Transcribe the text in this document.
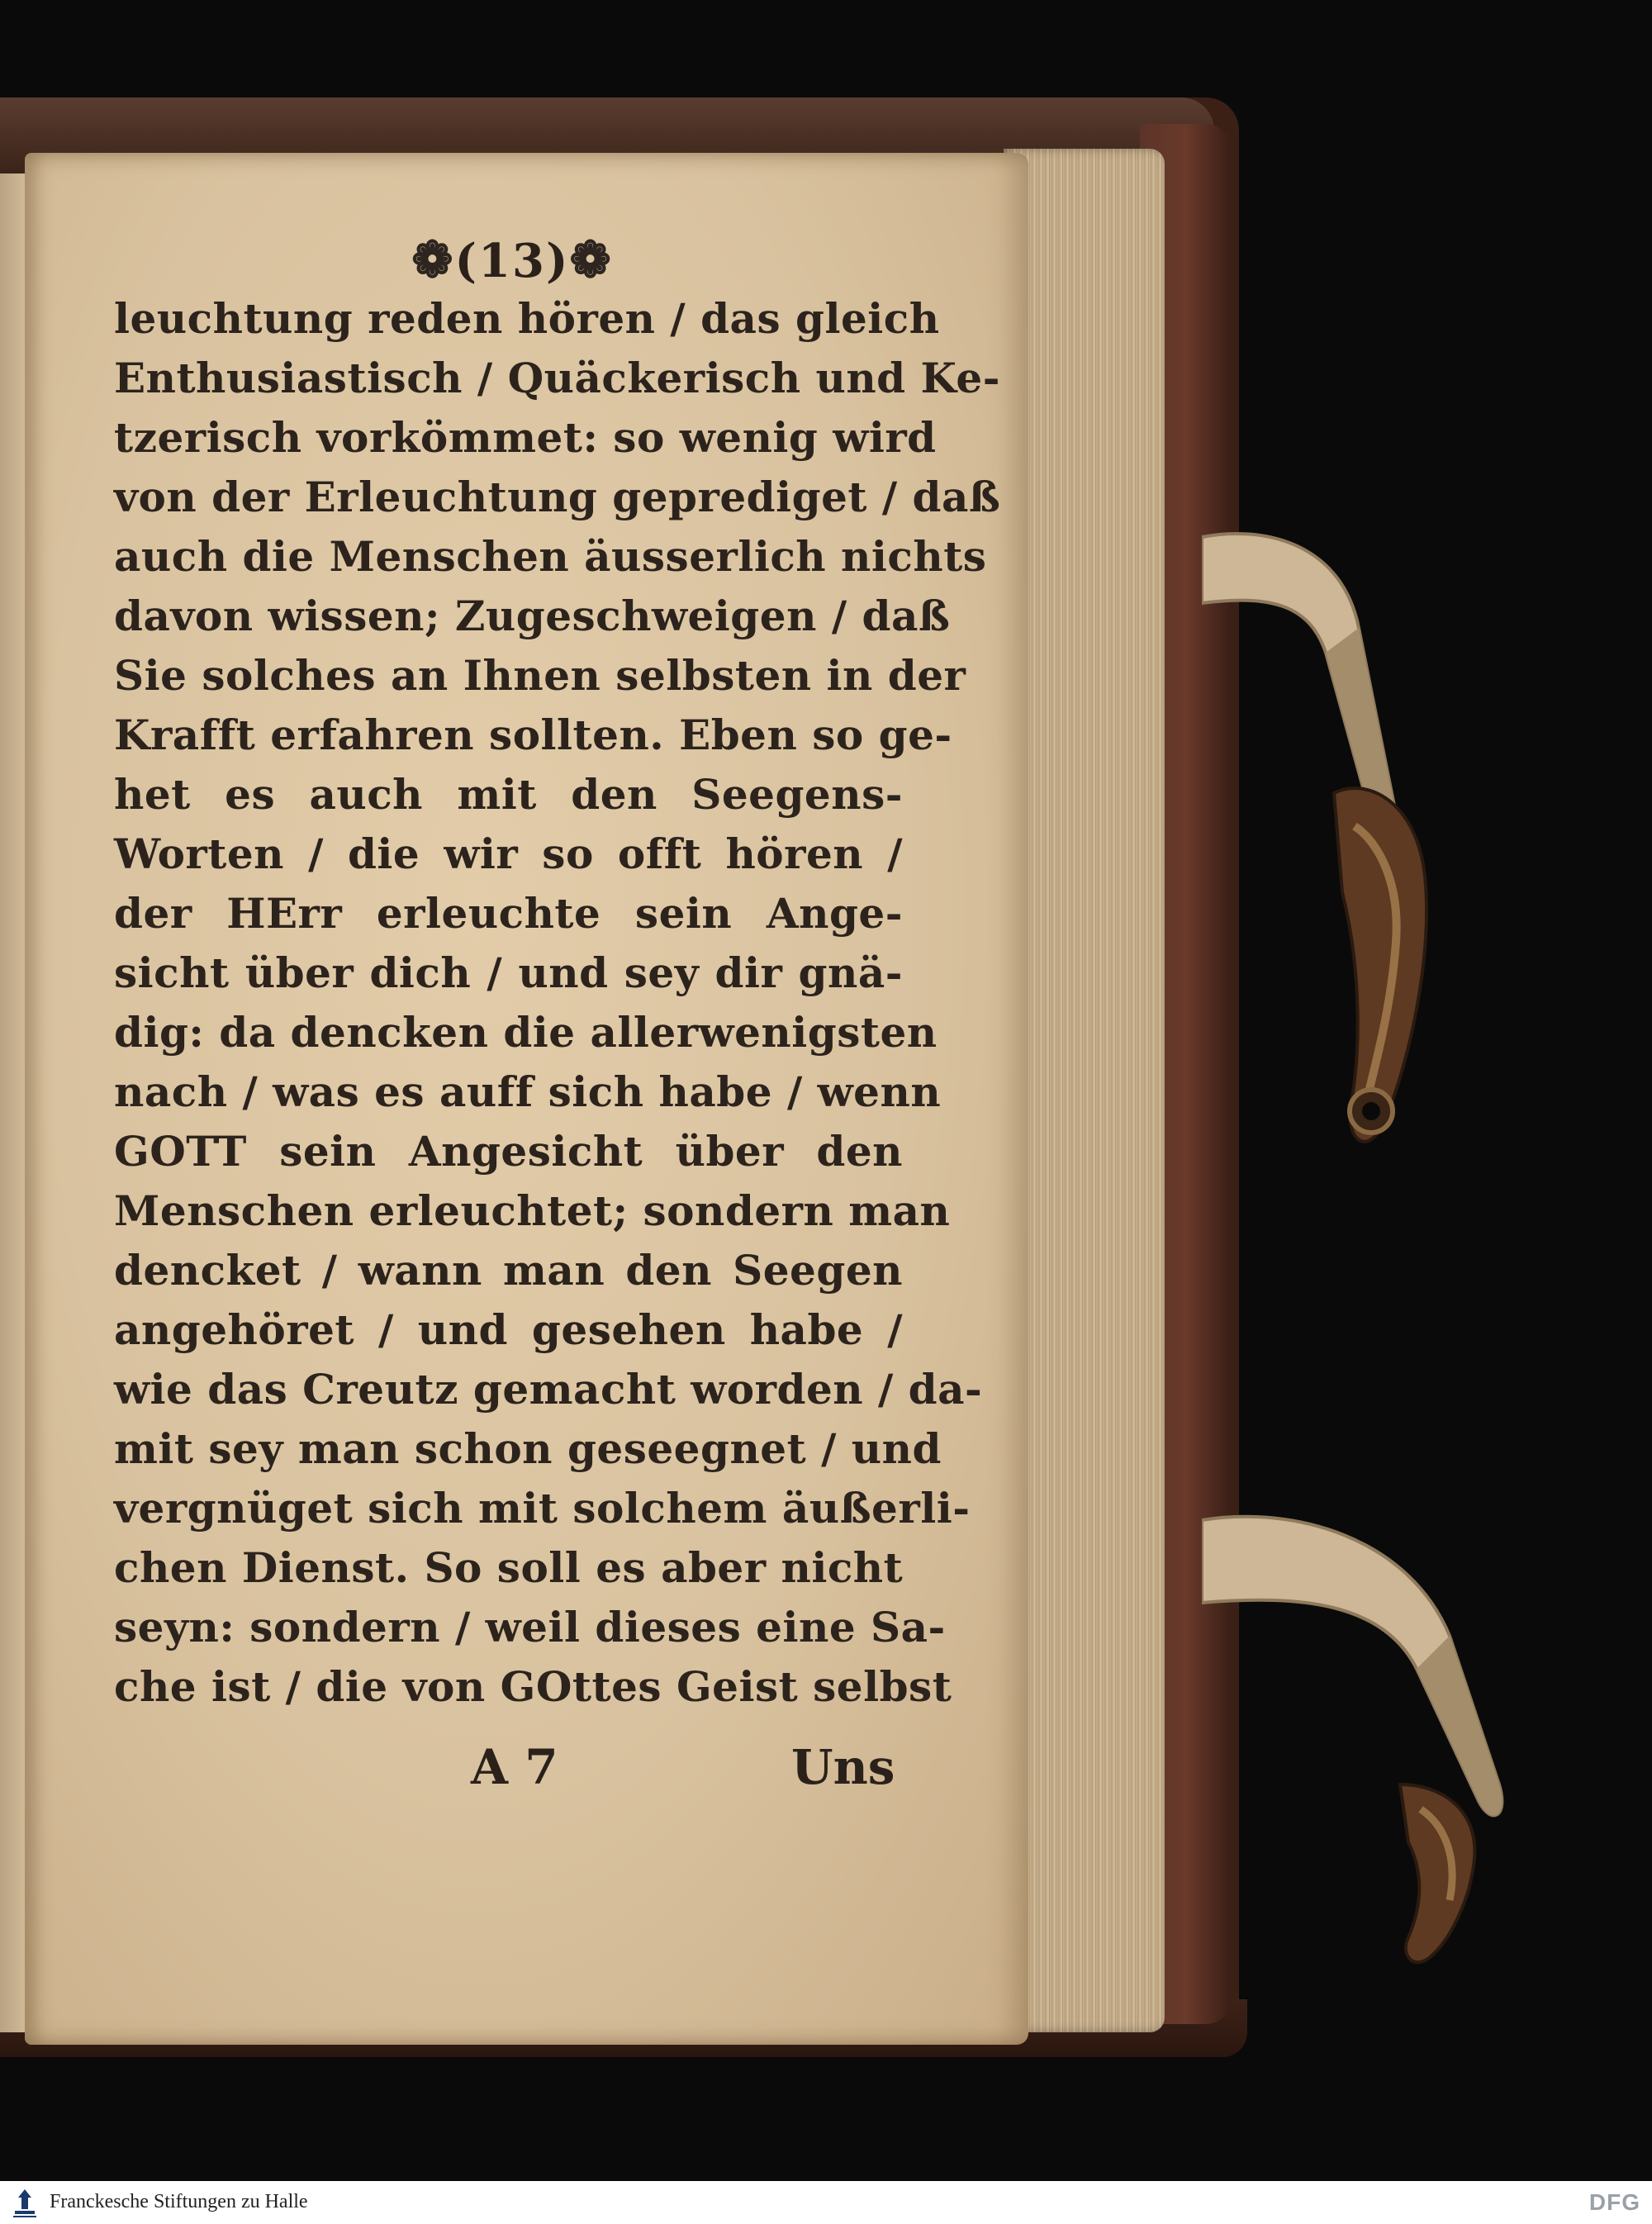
❁(13)❁
leuchtung reden hören / das gleich
Enthusiastisch / Quäckerisch und Ke-
tzerisch vorkömmet: so wenig wird
von der Erleuchtung geprediget / daß
auch die Menschen äusserlich nichts
davon wissen; Zugeschweigen / daß
Sie solches an Ihnen selbsten in der
Krafft erfahren sollten. Eben so ge-
het es auch mit den Seegens-
Worten / die wir so offt hören /
der HErr erleuchte sein Ange-
sicht über dich / und sey dir gnä-
dig: da dencken die allerwenigsten
nach / was es auff sich habe / wenn
GOTT sein Angesicht über den
Menschen erleuchtet; sondern man
dencket / wann man den Seegen
angehöret / und gesehen habe /
wie das Creutz gemacht worden / da-
mit sey man schon geseegnet / und
vergnüget sich mit solchem äußerli-
chen Dienst. So soll es aber nicht
seyn: sondern / weil dieses eine Sa-
che ist / die von GOttes Geist selbst
A 7	Uns
Franckesche Stiftungen zu Halle	DFG
